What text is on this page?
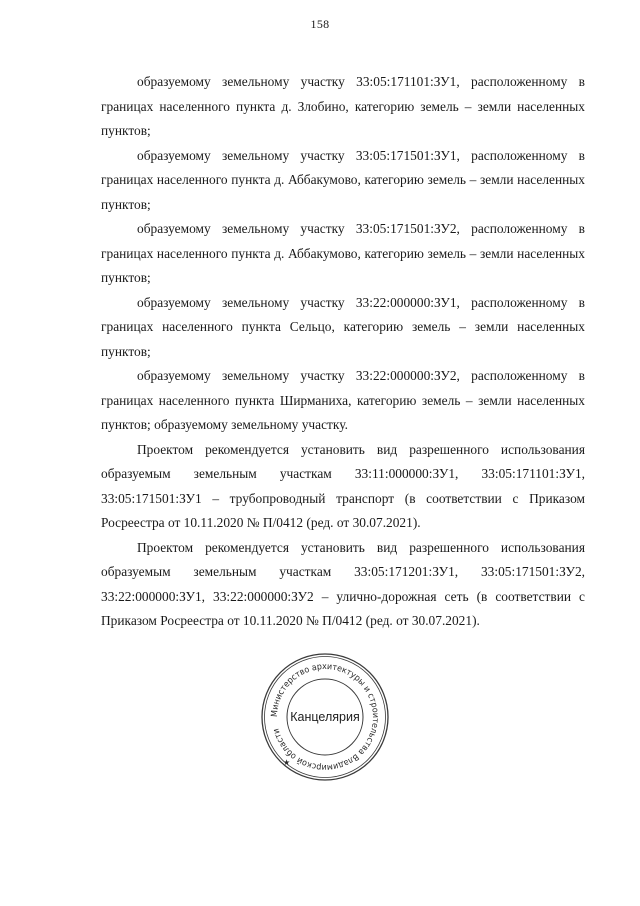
158

образуемому земельному участку 33:05:171101:ЗУ1, расположенному в границах населенного пункта д. Злобино, категорию земель – земли населенных пунктов;

образуемому земельному участку 33:05:171501:ЗУ1, расположенному в границах населенного пункта д. Аббакумово, категорию земель – земли населенных пунктов;

образуемому земельному участку 33:05:171501:ЗУ2, расположенному в границах населенного пункта д. Аббакумово, категорию земель – земли населенных пунктов;

образуемому земельному участку 33:22:000000:ЗУ1, расположенному в границах населенного пункта Сельцо, категорию земель – земли населенных пунктов;

образуемому земельному участку 33:22:000000:ЗУ2, расположенному в границах населенного пункта Ширманиха, категорию земель – земли населенных пунктов; образуемому земельному участку.

Проектом рекомендуется установить вид разрешенного использования образуемым земельным участкам 33:11:000000:ЗУ1, 33:05:171101:ЗУ1, 33:05:171501:ЗУ1 – трубопроводный транспорт (в соответствии с Приказом Росреестра от 10.11.2020 № П/0412 (ред. от 30.07.2021).

Проектом рекомендуется установить вид разрешенного использования образуемым земельным участкам 33:05:171201:ЗУ1, 33:05:171501:ЗУ2, 33:22:000000:ЗУ1, 33:22:000000:ЗУ2 – улично-дорожная сеть (в соответствии с Приказом Росреестра от 10.11.2020 № П/0412 (ред. от 30.07.2021).

Министерство архитектуры и строительства Владимирской области
★
Канцелярия
